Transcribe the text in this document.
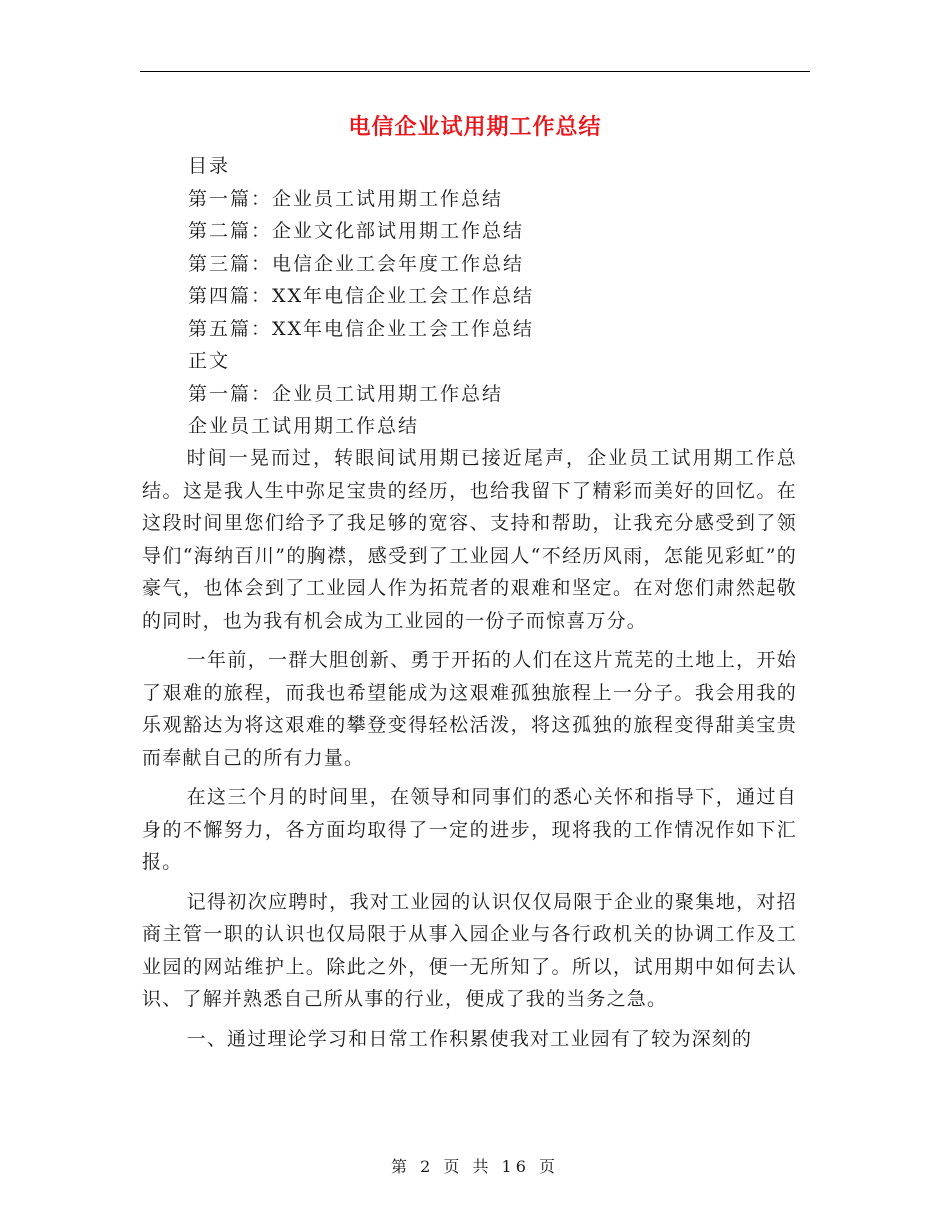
电信企业试用期工作总结
目录
第一篇：企业员工试用期工作总结
第二篇：企业文化部试用期工作总结
第三篇：电信企业工会年度工作总结
第四篇：XX年电信企业工会工作总结
第五篇：XX年电信企业工会工作总结
正文
第一篇：企业员工试用期工作总结
企业员工试用期工作总结

时间一晃而过，转眼间试用期已接近尾声，企业员工试用期工作总结。这是我人生中弥足宝贵的经历，也给我留下了精彩而美好的回忆。在这段时间里您们给予了我足够的宽容、支持和帮助，让我充分感受到了领导们“海纳百川”的胸襟，感受到了工业园人“不经历风雨，怎能见彩虹”的豪气，也体会到了工业园人作为拓荒者的艰难和坚定。在对您们肃然起敬的同时，也为我有机会成为工业园的一份子而惊喜万分。

一年前，一群大胆创新、勇于开拓的人们在这片荒芜的土地上，开始了艰难的旅程，而我也希望能成为这艰难孤独旅程上一分子。我会用我的乐观豁达为将这艰难的攀登变得轻松活泼，将这孤独的旅程变得甜美宝贵而奉献自己的所有力量。

在这三个月的时间里，在领导和同事们的悉心关怀和指导下，通过自身的不懈努力，各方面均取得了一定的进步，现将我的工作情况作如下汇报。

记得初次应聘时，我对工业园的认识仅仅局限于企业的聚集地，对招商主管一职的认识也仅局限于从事入园企业与各行政机关的协调工作及工业园的网站维护上。除此之外，便一无所知了。所以，试用期中如何去认识、了解并熟悉自己所从事的行业，便成了我的当务之急。

一、通过理论学习和日常工作积累使我对工业园有了较为深刻的

第 2 页 共 16 页
